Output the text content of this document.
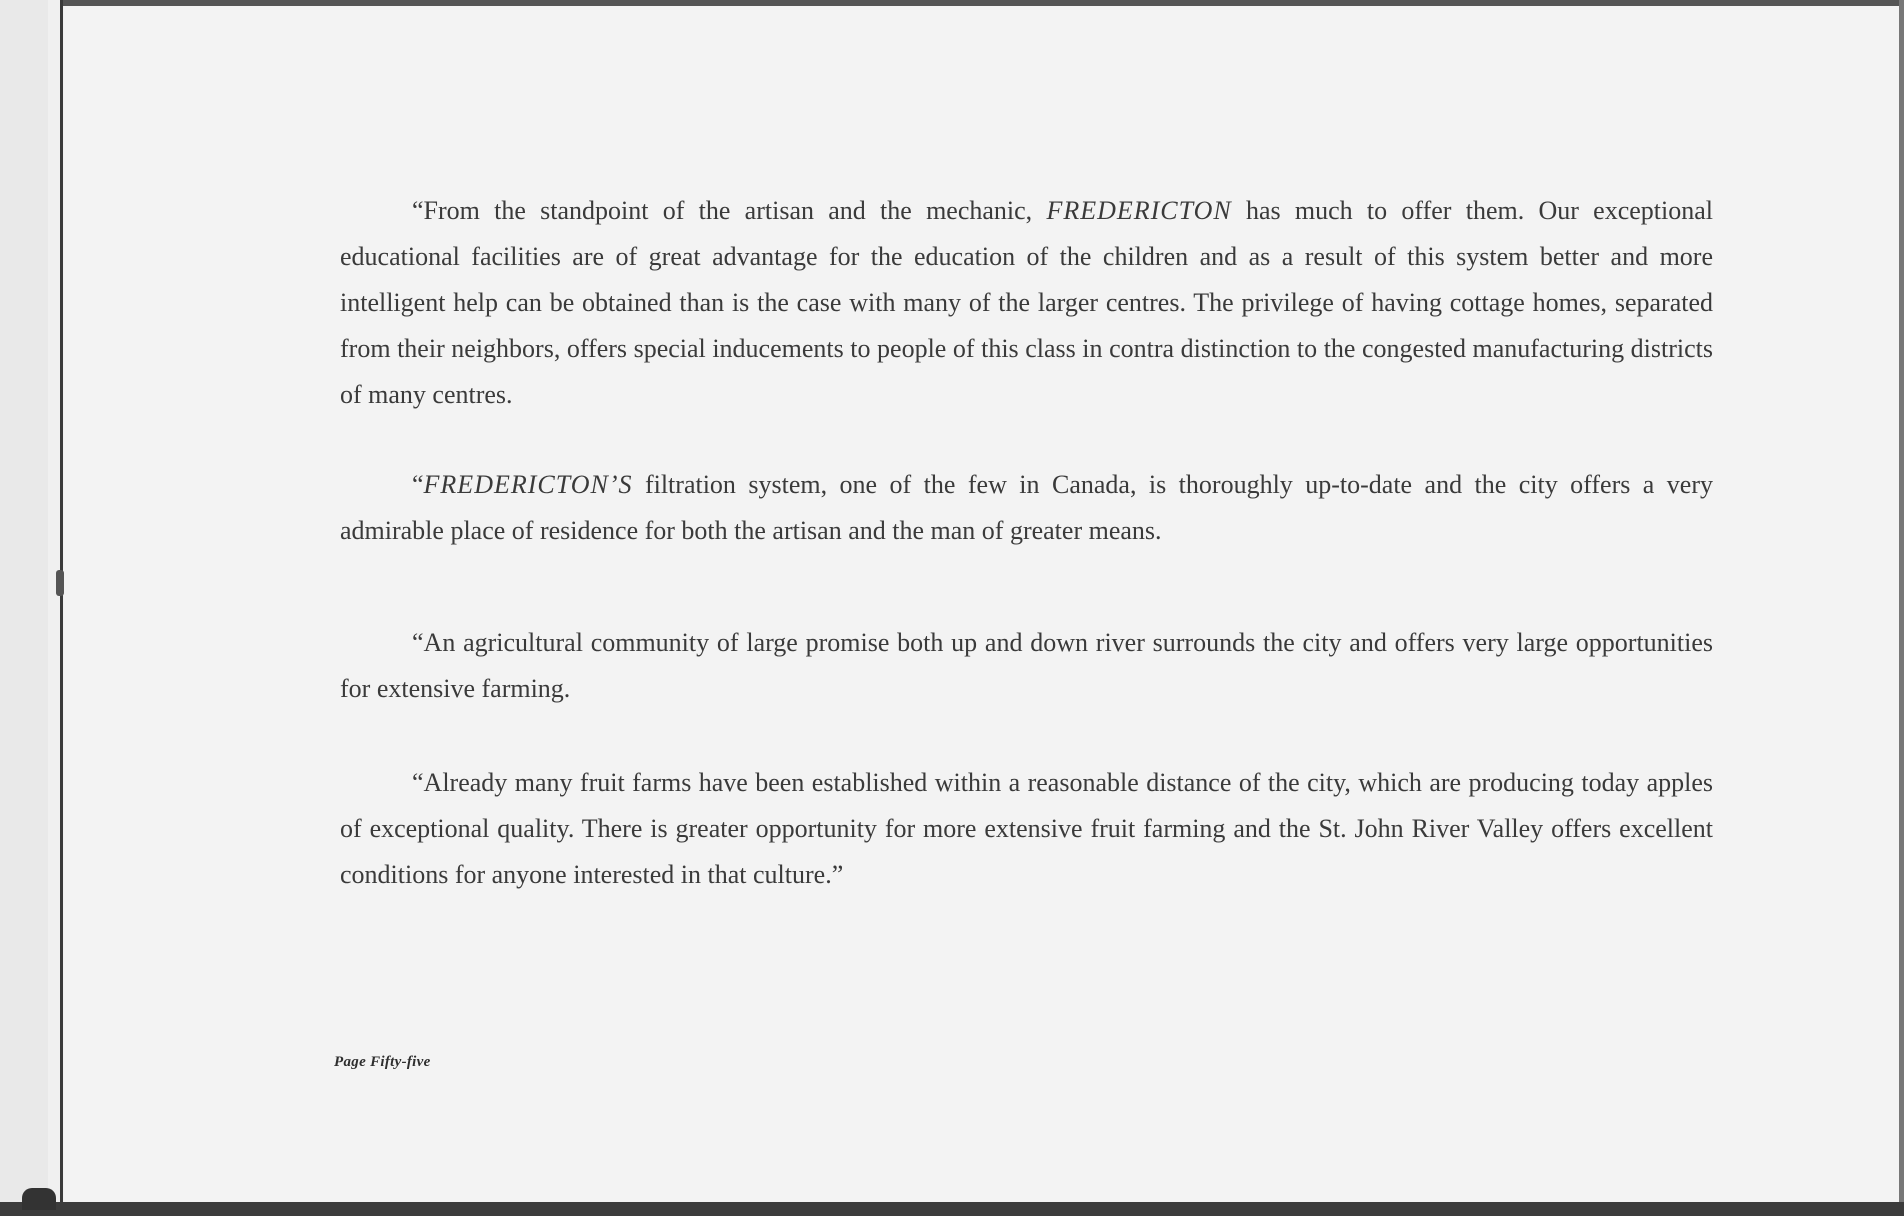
“From the standpoint of the artisan and the mechanic, FREDERICTON has much to offer them. Our exceptional educational facilities are of great advantage for the education of the children and as a result of this system better and more intelligent help can be obtained than is the case with many of the larger centres. The privilege of having cottage homes, separated from their neighbors, offers special inducements to people of this class in contra distinction to the congested manufacturing districts of many centres.

“FREDERICTON’S filtration system, one of the few in Canada, is thoroughly up-to-date and the city offers a very admirable place of residence for both the artisan and the man of greater means.

“An agricultural community of large promise both up and down river surrounds the city and offers very large opportunities for extensive farming.

“Already many fruit farms have been established within a reasonable distance of the city, which are producing today apples of exceptional quality. There is greater opportunity for more extensive fruit farming and the St. John River Valley offers excellent conditions for anyone interested in that culture.”

Page Fifty-five
